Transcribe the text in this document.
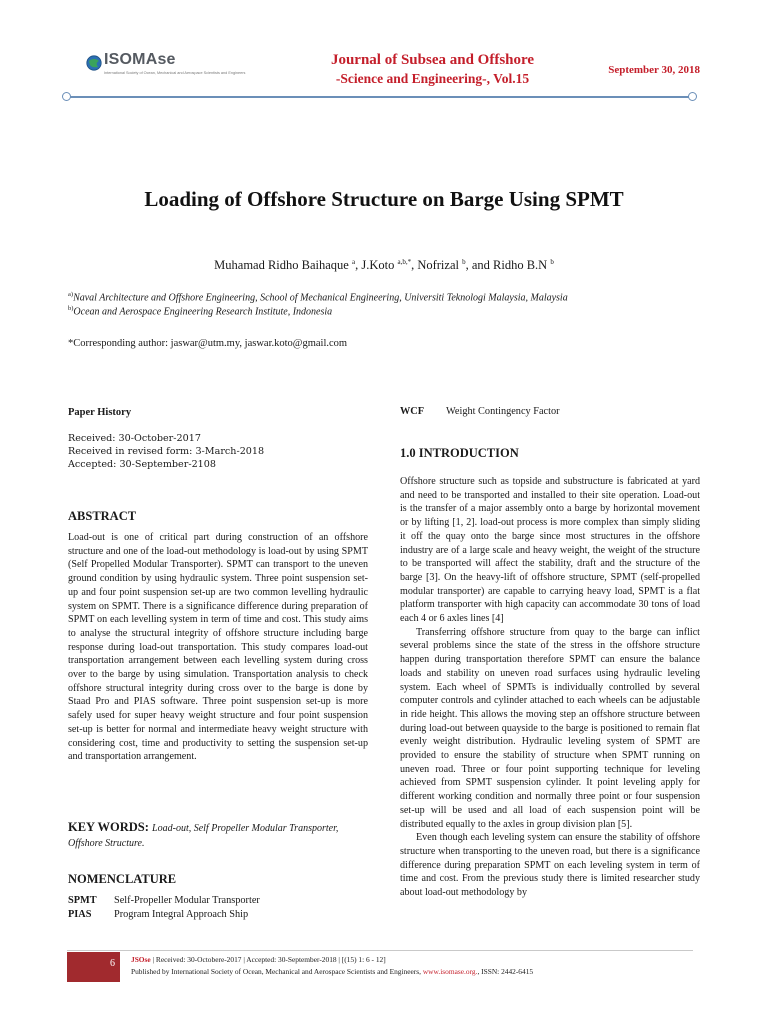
ISOMAse
International Society of Ocean, Mechanical and Aerospace Scientists and Engineers
Journal of Subsea and Offshore
-Science and Engineering-, Vol.15
September 30, 2018
Loading of Offshore Structure on Barge Using SPMT
Muhamad Ridho Baihaque $^a$, J.Koto $^{a,b,*}$, Nofrizal $^b$, and Ridho B.N $^b$
$^{a)}$Naval Architecture and Offshore Engineering, School of Mechanical Engineering, Universiti Teknologi Malaysia, Malaysia
$^{b)}$Ocean and Aerospace Engineering Research Institute, Indonesia
*Corresponding author: jaswar@utm.my, jaswar.koto@gmail.com
Paper History
Received: 30-October-2017
Received in revised form: 3-March-2018
Accepted: 30-September-2108
ABSTRACT
Load-out is one of critical part during construction of an offshore structure and one of the load-out methodology is load-out by using SPMT (Self Propelled Modular Transporter). SPMT can transport to the uneven ground condition by using hydraulic system. Three point suspension set-up and four point suspension set-up are two common levelling hydraulic system on SPMT. There is a significance difference during preparation of SPMT on each levelling system in term of time and cost. This study aims to analyse the structural integrity of offshore structure including barge response during load-out transportation. This study compares load-out transportation arrangement between each levelling system during cross over to the barge by using simulation. Transportation analysis to check offshore structural integrity during cross over to the barge is done by Staad Pro and PIAS software. Three point suspension set-up is more safely used for super heavy weight structure and four point suspension set-up is better for normal and intermediate heavy weight structure with considering cost, time and productivity to setting the suspension set-up and transportation arrangement.
KEY WORDS: Load-out, Self Propeller Modular Transporter, Offshore Structure.
NOMENCLATURE
SPMT	Self-Propeller Modular Transporter
PIAS	Program Integral Approach Ship
WCF	Weight Contingency Factor
1.0 INTRODUCTION

Offshore structure such as topside and substructure is fabricated at yard and need to be transported and installed to their site operation. Load-out is the transfer of a major assembly onto a barge by horizontal movement or by lifting [1, 2]. load-out process is more complex than simply sliding it off the quay onto the barge since most structures in the offshore industry are of a large scale and heavy weight, the weight of the structure to be transported will affect the stability, draft and the structure of the barge [3]. On the heavy-lift of offshore structure, SPMT (self-propelled modular transporter) are capable to carrying heavy load, SPMT is a flat platform transporter with high capacity can accommodate 30 tons of load each 4 or 6 axles lines [4]

Transferring offshore structure from quay to the barge can inflict several problems since the state of the stress in the offshore structure happen during transportation therefore SPMT can ensure the balance loads and stability on uneven road surfaces using hydraulic leveling system. Each wheel of SPMTs is individually controlled by several computer controls and cylinder attached to each wheels can be adjustable in ride height. This allows the moving step an offshore structure between during load-out between quayside to the barge is positioned to remain flat evenly weight distribution. Hydraulic leveling system of SPMT are provided to ensure the stability of structure when SPMT running on uneven road. Three or four point supporting technique for leveling achieved from SPMT suspension cylinder. It point leveling apply for different working condition and normally three point or four suspension set-up will be used and all load of each suspension point will be distributed equally to the axles in group division plan [5].

Even though each leveling system can ensure the stability of offshore structure when transporting to the uneven road, but there is a significance difference during preparation SPMT on each leveling system in term of time and cost. From the previous study there is limited researcher study about load-out methodology by

6	JSOse | Received: 30-Octobere-2017 | Accepted: 30-September-2018 | [(15) 1: 6 - 12]
Published by International Society of Ocean, Mechanical and Aerospace Scientists and Engineers, www.isomase.org., ISSN: 2442-6415
